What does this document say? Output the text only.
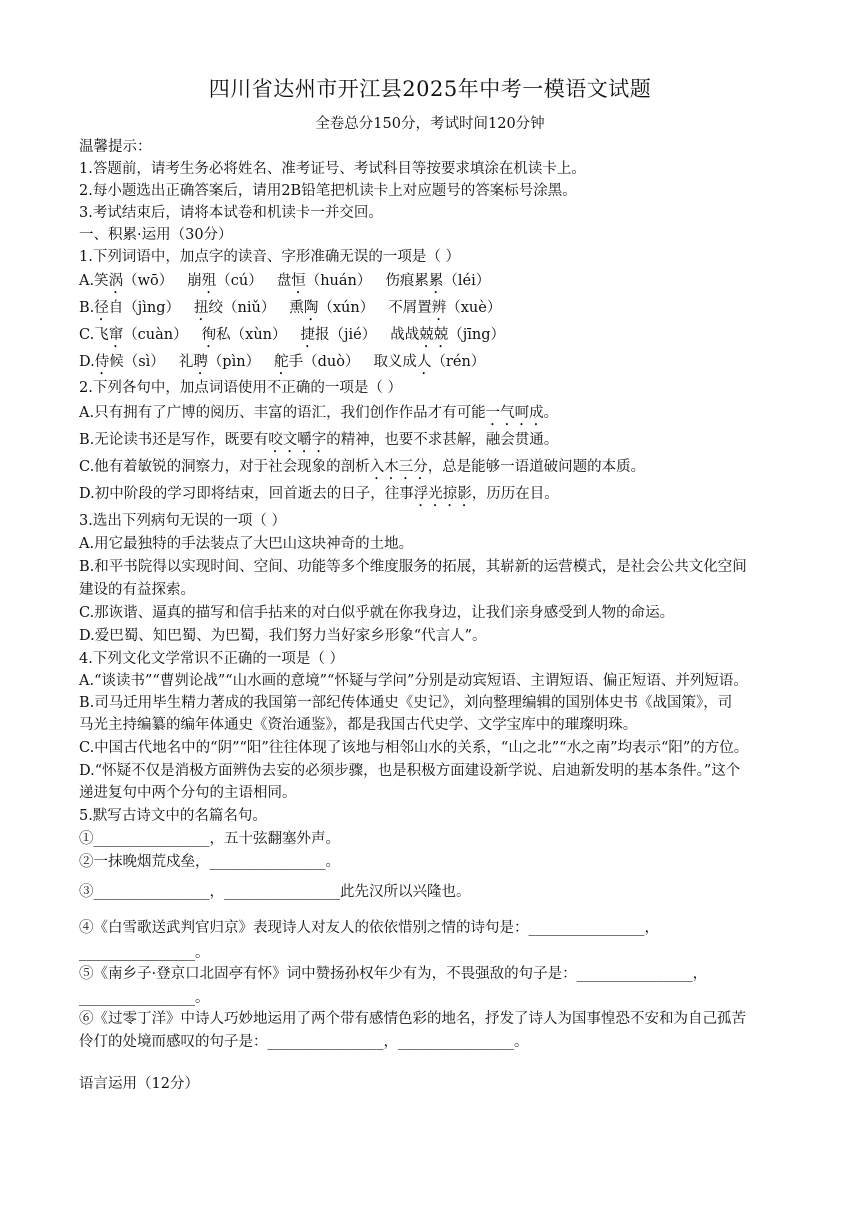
四川省达州市开江县2025年中考一模语文试题
全卷总分150分，考试时间120分钟
温馨提示：
1.答题前，请考生务必将姓名、准考证号、考试科目等按要求填涂在机读卡上。
2.每小题选出正确答案后，请用2B铅笔把机读卡上对应题号的答案标号涂黑。
3.考试结束后，请将本试卷和机读卡一并交回。
一、积累·运用（30分）
1.下列词语中，加点字的读音、字形准确无误的一项是（ ）
A.笑涡（wō） 崩殂（cú） 盘恒（huán） 伤痕累累（léi）
B.径自（jìng） 扭绞（niǔ） 熏陶（xún） 不屑置辨（xuè）
C.飞窜（cuàn） 徇私（xùn） 捷报（jié） 战战兢兢（jīng）
D.侍候（sì） 礼聘（pìn） 舵手（duò） 取义成人（rén）
2.下列各句中，加点词语使用不正确的一项是（ ）
A.只有拥有了广博的阅历、丰富的语汇，我们创作作品才有可能一气呵成。
B.无论读书还是写作，既要有咬文嚼字的精神，也要不求甚解，融会贯通。
C.他有着敏锐的洞察力，对于社会现象的剖析入木三分，总是能够一语道破问题的本质。
D.初中阶段的学习即将结束，回首逝去的日子，往事浮光掠影，历历在目。
3.选出下列病句无误的一项（ ）
A.用它最独特的手法装点了大巴山这块神奇的土地。
B.和平书院得以实现时间、空间、功能等多个维度服务的拓展，其崭新的运营模式，是社会公共文化空间
建设的有益探索。
C.那诙谐、逼真的描写和信手拈来的对白似乎就在你我身边，让我们亲身感受到人物的命运。
D.爱巴蜀、知巴蜀、为巴蜀，我们努力当好家乡形象“代言人”。
4.下列文化文学常识不正确的一项是（ ）
A.“谈读书”“曹刿论战”“山水画的意境”“怀疑与学问”分别是动宾短语、主谓短语、偏正短语、并列短语。
B.司马迁用毕生精力著成的我国第一部纪传体通史《史记》，刘向整理编辑的国别体史书《战国策》，司
马光主持编纂的编年体通史《资治通鉴》，都是我国古代史学、文学宝库中的璀璨明珠。
C.中国古代地名中的“阴”“阳”往往体现了该地与相邻山水的关系，“山之北”“水之南”均表示“阳”的方位。
D.“怀疑不仅是消极方面辨伪去妄的必须步骤，也是积极方面建设新学说、启迪新发明的基本条件。”这个
递进复句中两个分句的主语相同。
5.默写古诗文中的名篇名句。
①________________，五十弦翻塞外声。
②一抹晚烟荒戍垒，________________。
③________________，________________此先汉所以兴隆也。
④《白雪歌送武判官归京》表现诗人对友人的依依惜别之情的诗句是：________________，
________________。
⑤《南乡子·登京口北固亭有怀》词中赞扬孙权年少有为，不畏强敌的句子是：________________，
________________。
⑥《过零丁洋》中诗人巧妙地运用了两个带有感情色彩的地名，抒发了诗人为国事惶恐不安和为自己孤苦
伶仃的处境而感叹的句子是：________________，________________。
语言运用（12分）
